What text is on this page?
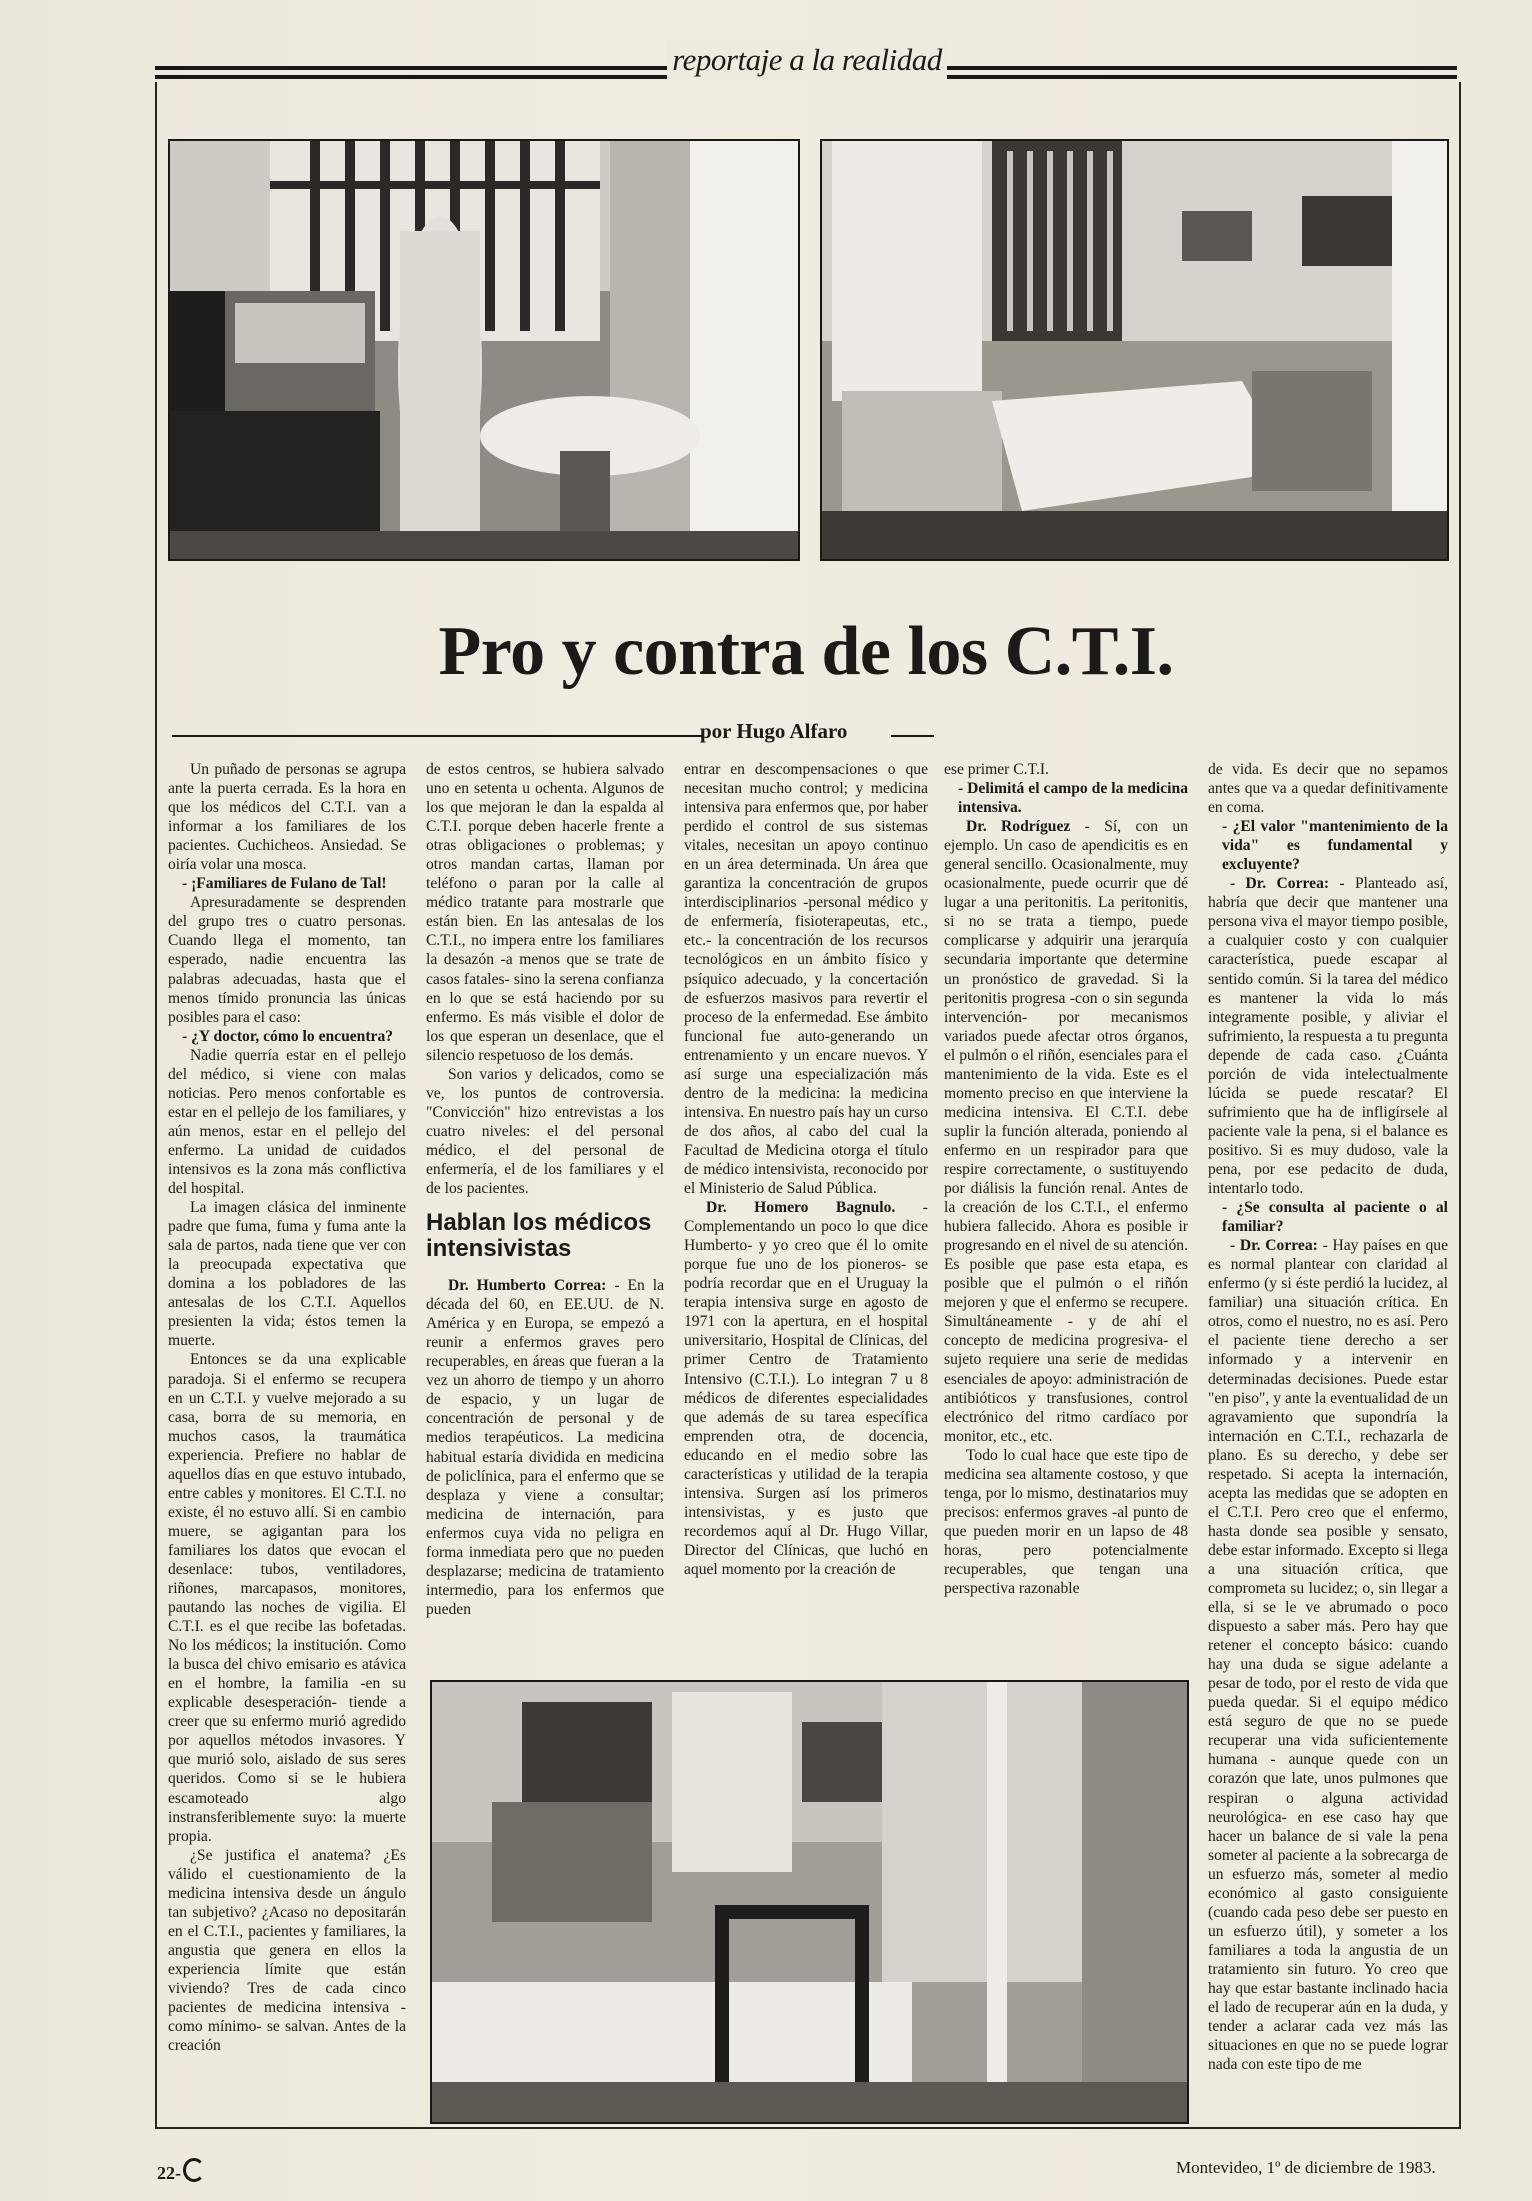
reportaje a la realidad
Pro y contra de los C.T.I.
por Hugo Alfaro

Un puñado de personas se agrupa ante la puerta cerrada. Es la hora en que los médicos del C.T.I. van a informar a los familiares de los pacientes. Cuchicheos. Ansiedad. Se oiría volar una mosca.

- ¡Familiares de Fulano de Tal!

Apresuradamente se desprenden del grupo tres o cuatro personas. Cuando llega el momento, tan esperado, nadie encuentra las palabras adecuadas, hasta que el menos tímido pronuncia las únicas posibles para el caso:

- ¿Y doctor, cómo lo encuentra?

Nadie querría estar en el pellejo del médico, si viene con malas noticias. Pero menos confortable es estar en el pellejo de los familiares, y aún menos, estar en el pellejo del enfermo. La unidad de cuidados intensivos es la zona más conflictiva del hospital.

La imagen clásica del inminente padre que fuma, fuma y fuma ante la sala de partos, nada tiene que ver con la preocupada expectativa que domina a los pobladores de las antesalas de los C.T.I. Aquellos presienten la vida; éstos temen la muerte.

Entonces se da una explicable paradoja. Si el enfermo se recupera en un C.T.I. y vuelve mejorado a su casa, borra de su memoria, en muchos casos, la traumática experiencia. Prefiere no hablar de aquellos días en que estuvo intubado, entre cables y monitores. El C.T.I. no existe, él no estuvo allí. Si en cambio muere, se agigantan para los familiares los datos que evocan el desenlace: tubos, ventiladores, riñones, marcapasos, monitores, pautando las noches de vigilia. El C.T.I. es el que recibe las bofetadas. No los médicos; la institución. Como la busca del chivo emisario es atávica en el hombre, la familia -en su explicable desesperación- tiende a creer que su enfermo murió agredido por aquellos métodos invasores. Y que murió solo, aislado de sus seres queridos. Como si se le hubiera escamoteado algo instransferiblemente suyo: la muerte propia.

¿Se justifica el anatema? ¿Es válido el cuestionamiento de la medicina intensiva desde un ángulo tan subjetivo? ¿Acaso no depositarán en el C.T.I., pacientes y familiares, la angustia que genera en ellos la experiencia límite que están viviendo? Tres de cada cinco pacientes de medicina intensiva -como mínimo- se salvan. Antes de la creación

de estos centros, se hubiera salvado uno en setenta u ochenta. Algunos de los que mejoran le dan la espalda al C.T.I. porque deben hacerle frente a otras obligaciones o problemas; y otros mandan cartas, llaman por teléfono o paran por la calle al médico tratante para mostrarle que están bien. En las antesalas de los C.T.I., no impera entre los familiares la desazón -a menos que se trate de casos fatales- sino la serena confianza en lo que se está haciendo por su enfermo. Es más visible el dolor de los que esperan un desenlace, que el silencio respetuoso de los demás.

Son varios y delicados, como se ve, los puntos de controversia. "Convicción" hizo entrevistas a los cuatro niveles: el del personal médico, el del personal de enfermería, el de los familiares y el de los pacientes.

Hablan los médicos intensivistas

Dr. Humberto Correa: - En la década del 60, en EE.UU. de N. América y en Europa, se empezó a reunir a enfermos graves pero recuperables, en áreas que fueran a la vez un ahorro de tiempo y un ahorro de espacio, y un lugar de concentración de personal y de medios terapéuticos. La medicina habitual estaría dividida en medicina de policlínica, para el enfermo que se desplaza y viene a consultar; medicina de internación, para enfermos cuya vida no peligra en forma inmediata pero que no pueden desplazarse; medicina de tratamiento intermedio, para los enfermos que pueden

entrar en descompensaciones o que necesitan mucho control; y medicina intensiva para enfermos que, por haber perdido el control de sus sistemas vitales, necesitan un apoyo continuo en un área determinada. Un área que garantiza la concentración de grupos interdisciplinarios -personal médico y de enfermería, fisioterapeutas, etc., etc.- la concentración de los recursos tecnológicos en un ámbito físico y psíquico adecuado, y la concertación de esfuerzos masivos para revertir el proceso de la enfermedad. Ese ámbito funcional fue auto-generando un entrenamiento y un encare nuevos. Y así surge una especialización más dentro de la medicina: la medicina intensiva. En nuestro país hay un curso de dos años, al cabo del cual la Facultad de Medicina otorga el título de médico intensivista, reconocido por el Ministerio de Salud Pública.

Dr. Homero Bagnulo. - Complementando un poco lo que dice Humberto- y yo creo que él lo omite porque fue uno de los pioneros- se podría recordar que en el Uruguay la terapia intensiva surge en agosto de 1971 con la apertura, en el hospital universitario, Hospital de Clínicas, del primer Centro de Tratamiento Intensivo (C.T.I.). Lo integran 7 u 8 médicos de diferentes especialidades que además de su tarea específica emprenden otra, de docencia, educando en el medio sobre las características y utilidad de la terapia intensiva. Surgen así los primeros intensivistas, y es justo que recordemos aquí al Dr. Hugo Villar, Director del Clínicas, que luchó en aquel momento por la creación de

ese primer C.T.I.

- Delimitá el campo de la medicina intensiva.

Dr. Rodríguez - Sí, con un ejemplo. Un caso de apendicitis es en general sencillo. Ocasionalmente, muy ocasionalmente, puede ocurrir que dé lugar a una peritonitis. La peritonitis, si no se trata a tiempo, puede complicarse y adquirir una jerarquía secundaria importante que determine un pronóstico de gravedad. Si la peritonitis progresa -con o sin segunda intervención- por mecanismos variados puede afectar otros órganos, el pulmón o el riñón, esenciales para el mantenimiento de la vida. Este es el momento preciso en que interviene la medicina intensiva. El C.T.I. debe suplir la función alterada, poniendo al enfermo en un respirador para que respire correctamente, o sustituyendo por diálisis la función renal. Antes de la creación de los C.T.I., el enfermo hubiera fallecido. Ahora es posible ir progresando en el nivel de su atención. Es posible que pase esta etapa, es posible que el pulmón o el riñón mejoren y que el enfermo se recupere. Simultáneamente - y de ahí el concepto de medicina progresiva- el sujeto requiere una serie de medidas esenciales de apoyo: administración de antibióticos y transfusiones, control electrónico del ritmo cardíaco por monitor, etc., etc.

Todo lo cual hace que este tipo de medicina sea altamente costoso, y que tenga, por lo mismo, destinatarios muy precisos: enfermos graves -al punto de que pueden morir en un lapso de 48 horas, pero potencialmente recuperables, que tengan una perspectiva razonable

de vida. Es decir que no sepamos antes que va a quedar definitivamente en coma.

- ¿El valor "mantenimiento de la vida" es fundamental y excluyente?

- Dr. Correa: - Planteado así, habría que decir que mantener una persona viva el mayor tiempo posible, a cualquier costo y con cualquier característica, puede escapar al sentido común. Si la tarea del médico es mantener la vida lo más integramente posible, y aliviar el sufrimiento, la respuesta a tu pregunta depende de cada caso. ¿Cuánta porción de vida intelectualmente lúcida se puede rescatar? El sufrimiento que ha de infligírsele al paciente vale la pena, si el balance es positivo. Si es muy dudoso, vale la pena, por ese pedacito de duda, intentarlo todo.

- ¿Se consulta al paciente o al familiar?

- Dr. Correa: - Hay países en que es normal plantear con claridad al enfermo (y si éste perdió la lucidez, al familiar) una situación crítica. En otros, como el nuestro, no es así. Pero el paciente tiene derecho a ser informado y a intervenir en determinadas decisiones. Puede estar "en piso", y ante la eventualidad de un agravamiento que supondría la internación en C.T.I., rechazarla de plano. Es su derecho, y debe ser respetado. Si acepta la internación, acepta las medidas que se adopten en el C.T.I. Pero creo que el enfermo, hasta donde sea posible y sensato, debe estar informado. Excepto si llega a una situación crítica, que comprometa su lucidez; o, sin llegar a ella, si se le ve abrumado o poco dispuesto a saber más. Pero hay que retener el concepto básico: cuando hay una duda se sigue adelante a pesar de todo, por el resto de vida que pueda quedar. Si el equipo médico está seguro de que no se puede recuperar una vida suficientemente humana - aunque quede con un corazón que late, unos pulmones que respiran o alguna actividad neurológica- en ese caso hay que hacer un balance de si vale la pena someter al paciente a la sobrecarga de un esfuerzo más, someter al medio económico al gasto consiguiente (cuando cada peso debe ser puesto en un esfuerzo útil), y someter a los familiares a toda la angustia de un tratamiento sin futuro. Yo creo que hay que estar bastante inclinado hacia el lado de recuperar aún en la duda, y tender a aclarar cada vez más las situaciones en que no se puede lograr nada con este tipo de me

22-	Montevideo, 1º de diciembre de 1983.
